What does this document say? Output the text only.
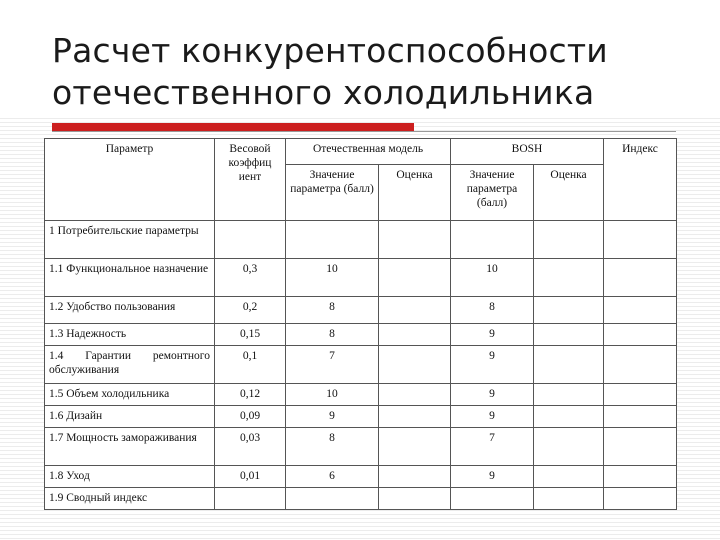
Расчет конкурентоспособности
отечественного холодильника
Параметр	Весовой коэффиц иент	Отечественная модель		BOSH		Индекс
		Значение параметра (балл)	Оценка	Значение параметра (балл)	Оценка	
1 Потребительские параметры						
1.1 Функциональное назначение	0,3	10		10		
1.2 Удобство пользования	0,2	8		8		
1.3 Надежность	0,15	8		9		
1.4 Гарантии ремонтного обслуживания	0,1	7		9		
1.5 Объем холодильника	0,12	10		9		
1.6 Дизайн	0,09	9		9		
1.7 Мощность замораживания	0,03	8		7		
1.8 Уход	0,01	6		9		
1.9 Сводный индекс						
